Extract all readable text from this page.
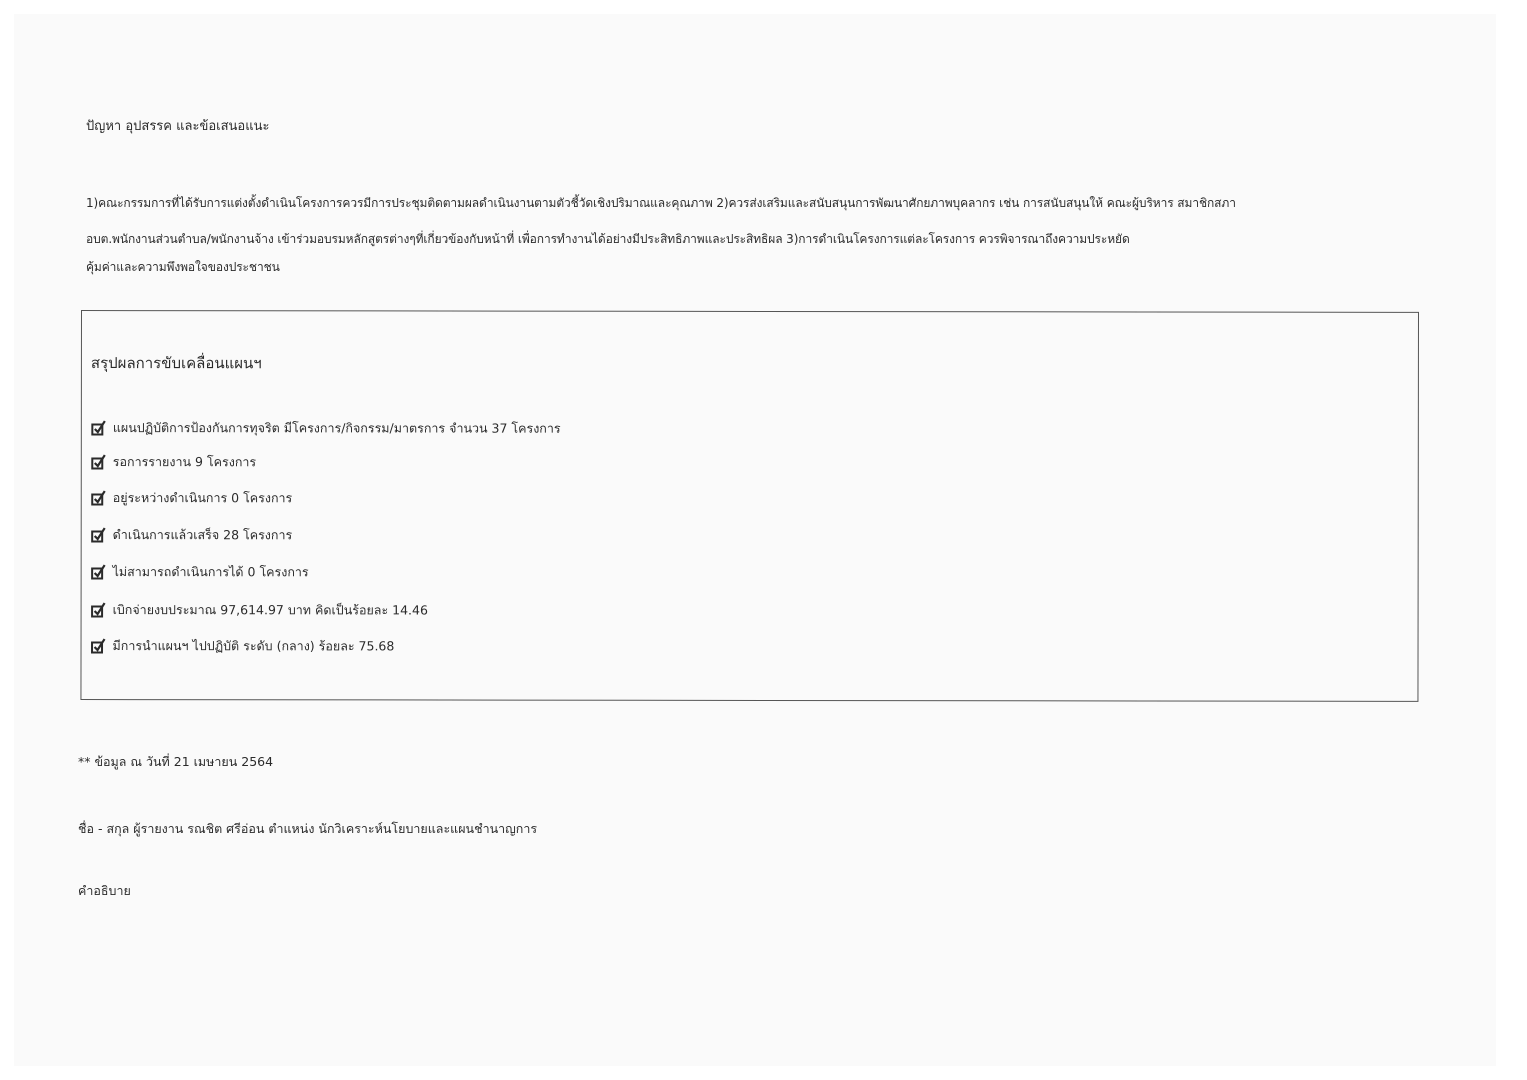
ปัญหา อุปสรรค และข้อเสนอแนะ
1)คณะกรรมการที่ได้รับการแต่งตั้งดำเนินโครงการควรมีการประชุมติดตามผลดำเนินงานตามตัวชี้วัดเชิงปริมาณและคุณภาพ 2)ควรส่งเสริมและสนับสนุนการพัฒนาศักยภาพบุคลากร เช่น การสนับสนุนให้ คณะผู้บริหาร สมาชิกสภา
อบต.พนักงานส่วนตำบล/พนักงานจ้าง เข้าร่วมอบรมหลักสูตรต่างๆที่เกี่ยวข้องกับหน้าที่ เพื่อการทำงานได้อย่างมีประสิทธิภาพและประสิทธิผล 3)การดำเนินโครงการแต่ละโครงการ ควรพิจารณาถึงความประหยัด
คุ้มค่าและความพึงพอใจของประชาชน
สรุปผลการขับเคลื่อนแผนฯ
แผนปฏิบัติการป้องกันการทุจริต มีโครงการ/กิจกรรม/มาตรการ จำนวน 37 โครงการ
รอการรายงาน 9 โครงการ
อยู่ระหว่างดำเนินการ 0 โครงการ
ดำเนินการแล้วเสร็จ 28 โครงการ
ไม่สามารถดำเนินการได้ 0 โครงการ
เบิกจ่ายงบประมาณ 97,614.97 บาท คิดเป็นร้อยละ 14.46
มีการนำแผนฯ ไปปฏิบัติ ระดับ (กลาง) ร้อยละ 75.68
** ข้อมูล ณ วันที่ 21 เมษายน 2564
ชื่อ - สกุล ผู้รายงาน รณชิต ศรีอ่อน ตำแหน่ง นักวิเคราะห์นโยบายและแผนชำนาญการ
คำอธิบาย
